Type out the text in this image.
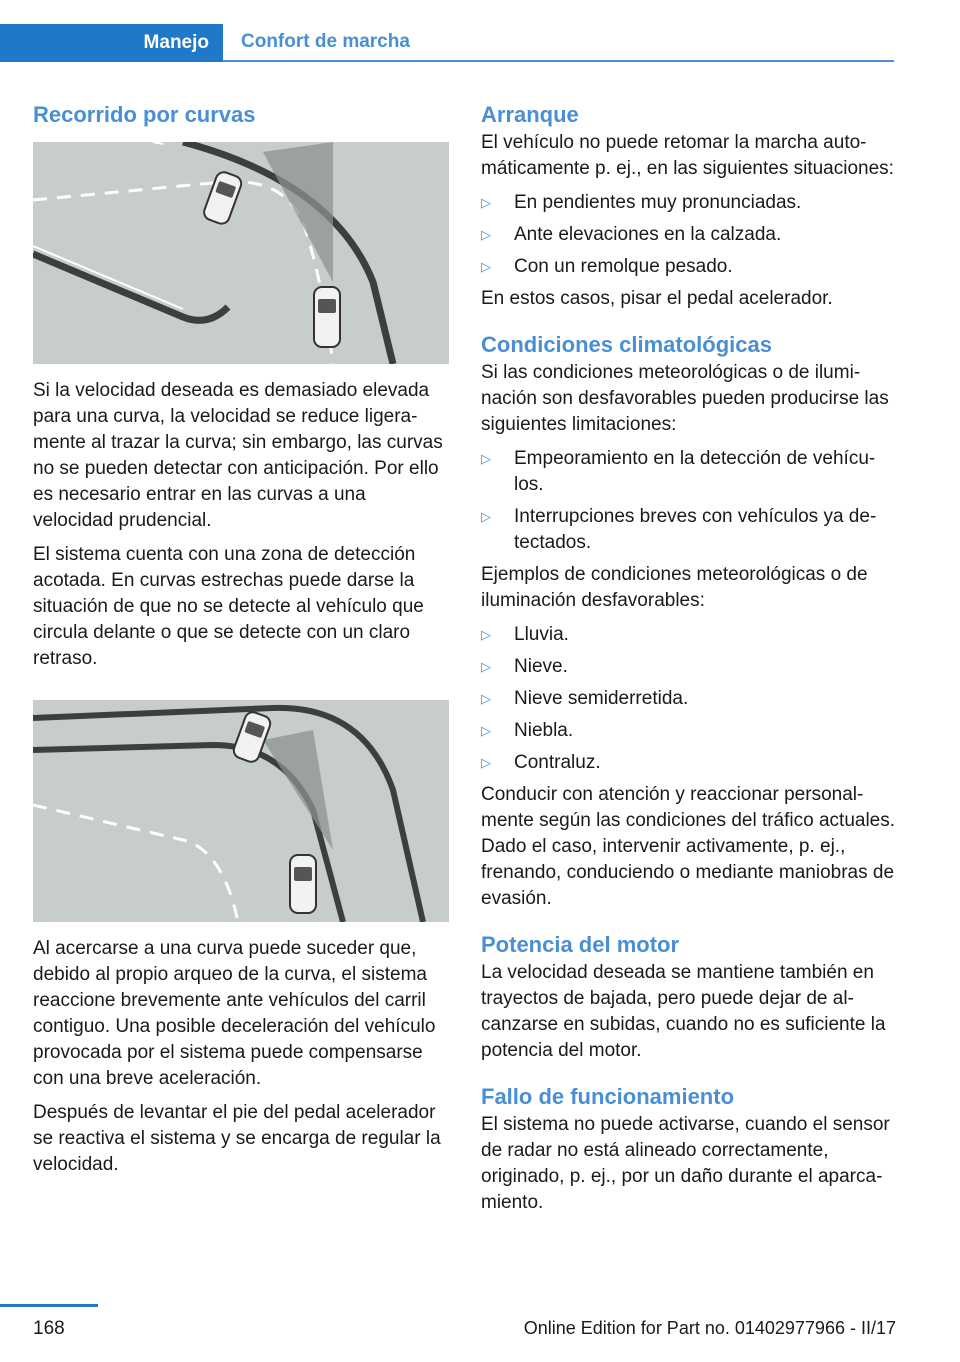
Manejo	Confort de marcha
Recorrido por curvas

Si la velocidad deseada es demasiado elevada para una curva, la velocidad se reduce ligeramente al trazar la curva; sin embargo, las curvas no se pueden detectar con anticipación. Por ello es necesario entrar en las curvas a una velocidad prudencial.

El sistema cuenta con una zona de detección acotada. En curvas estrechas puede darse la situación de que no se detecte al vehículo que circula delante o que se detecte con un claro retraso.

Al acercarse a una curva puede suceder que, debido al propio arqueo de la curva, el sistema reaccione brevemente ante vehículos del carril contiguo. Una posible deceleración del vehículo provocada por el sistema puede compensarse con una breve aceleración.

Después de levantar el pie del pedal acelerador se reactiva el sistema y se encarga de regular la velocidad.

Arranque

El vehículo no puede retomar la marcha automáticamente p. ej., en las siguientes situaciones:

▷ En pendientes muy pronunciadas.
▷ Ante elevaciones en la calzada.
▷ Con un remolque pesado.

En estos casos, pisar el pedal acelerador.

Condiciones climatológicas

Si las condiciones meteorológicas o de iluminación son desfavorables pueden producirse las siguientes limitaciones:

▷ Empeoramiento en la detección de vehículos.
▷ Interrupciones breves con vehículos ya detectados.

Ejemplos de condiciones meteorológicas o de iluminación desfavorables:

▷ Lluvia.
▷ Nieve.
▷ Nieve semiderretida.
▷ Niebla.
▷ Contraluz.

Conducir con atención y reaccionar personalmente según las condiciones del tráfico actuales. Dado el caso, intervenir activamente, p. ej., frenando, conduciendo o mediante maniobras de evasión.

Potencia del motor

La velocidad deseada se mantiene también en trayectos de bajada, pero puede dejar de alcanzarse en subidas, cuando no es suficiente la potencia del motor.

Fallo de funcionamiento

El sistema no puede activarse, cuando el sensor de radar no está alineado correctamente, originado, p. ej., por un daño durante el aparcamiento.

168	Online Edition for Part no. 01402977966 - II/17
